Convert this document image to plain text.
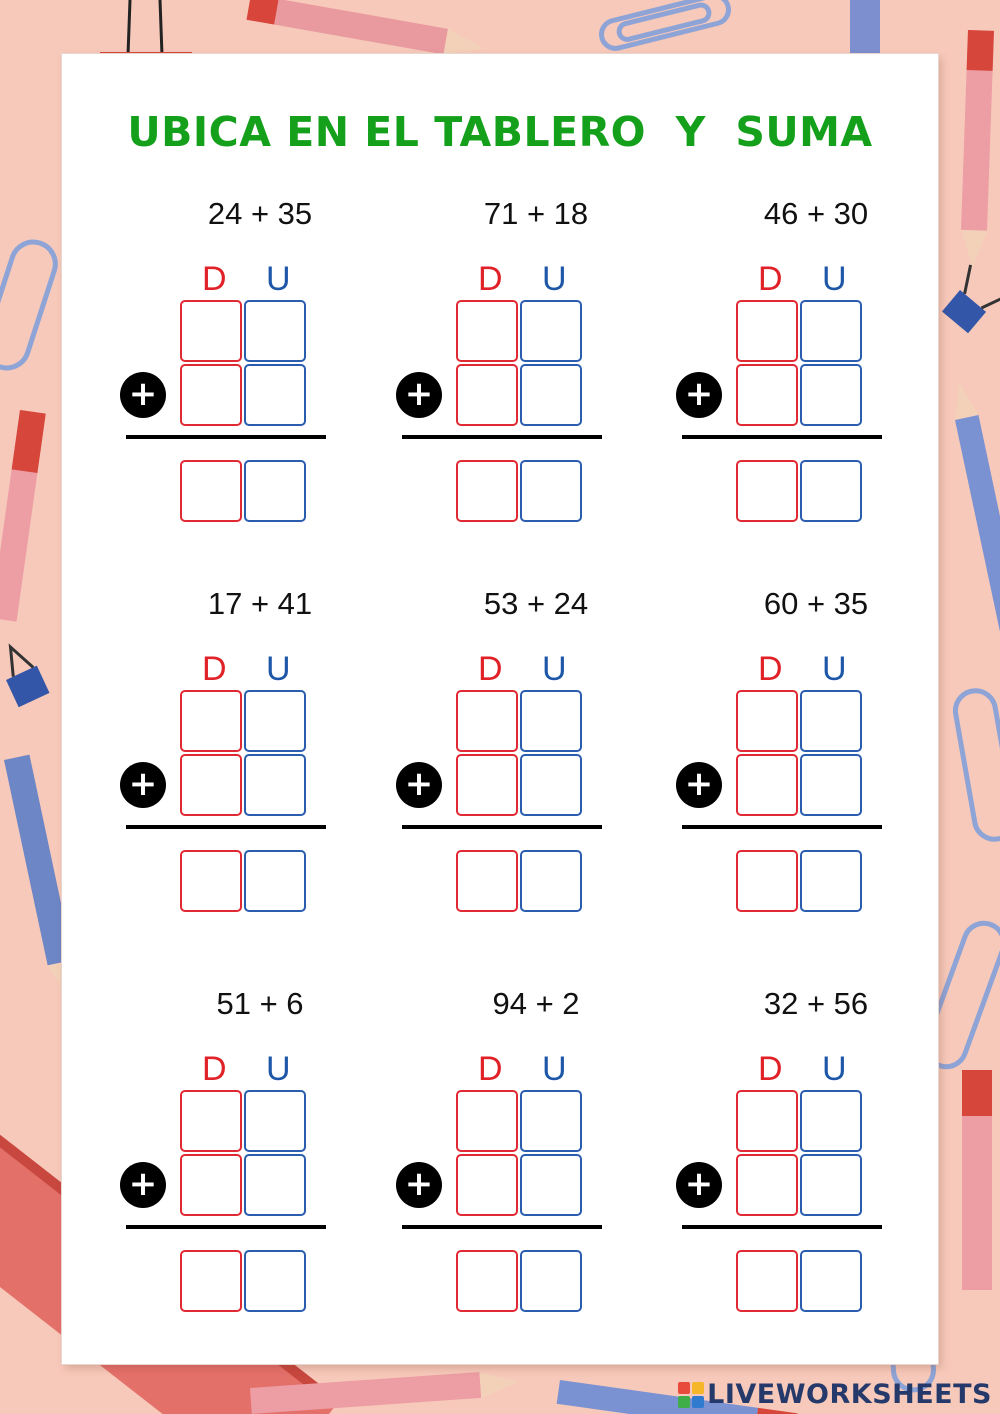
UBICA EN EL TABLERO  Y  SUMA
24 + 35
D U
+
71 + 18
D U
+
46 + 30
D U
+
17 + 41
D U
+
53 + 24
D U
+
60 + 35
D U
+
51 + 6
D U
+
94 + 2
D U
+
32 + 56
D U
+
LIVEWORKSHEETS
